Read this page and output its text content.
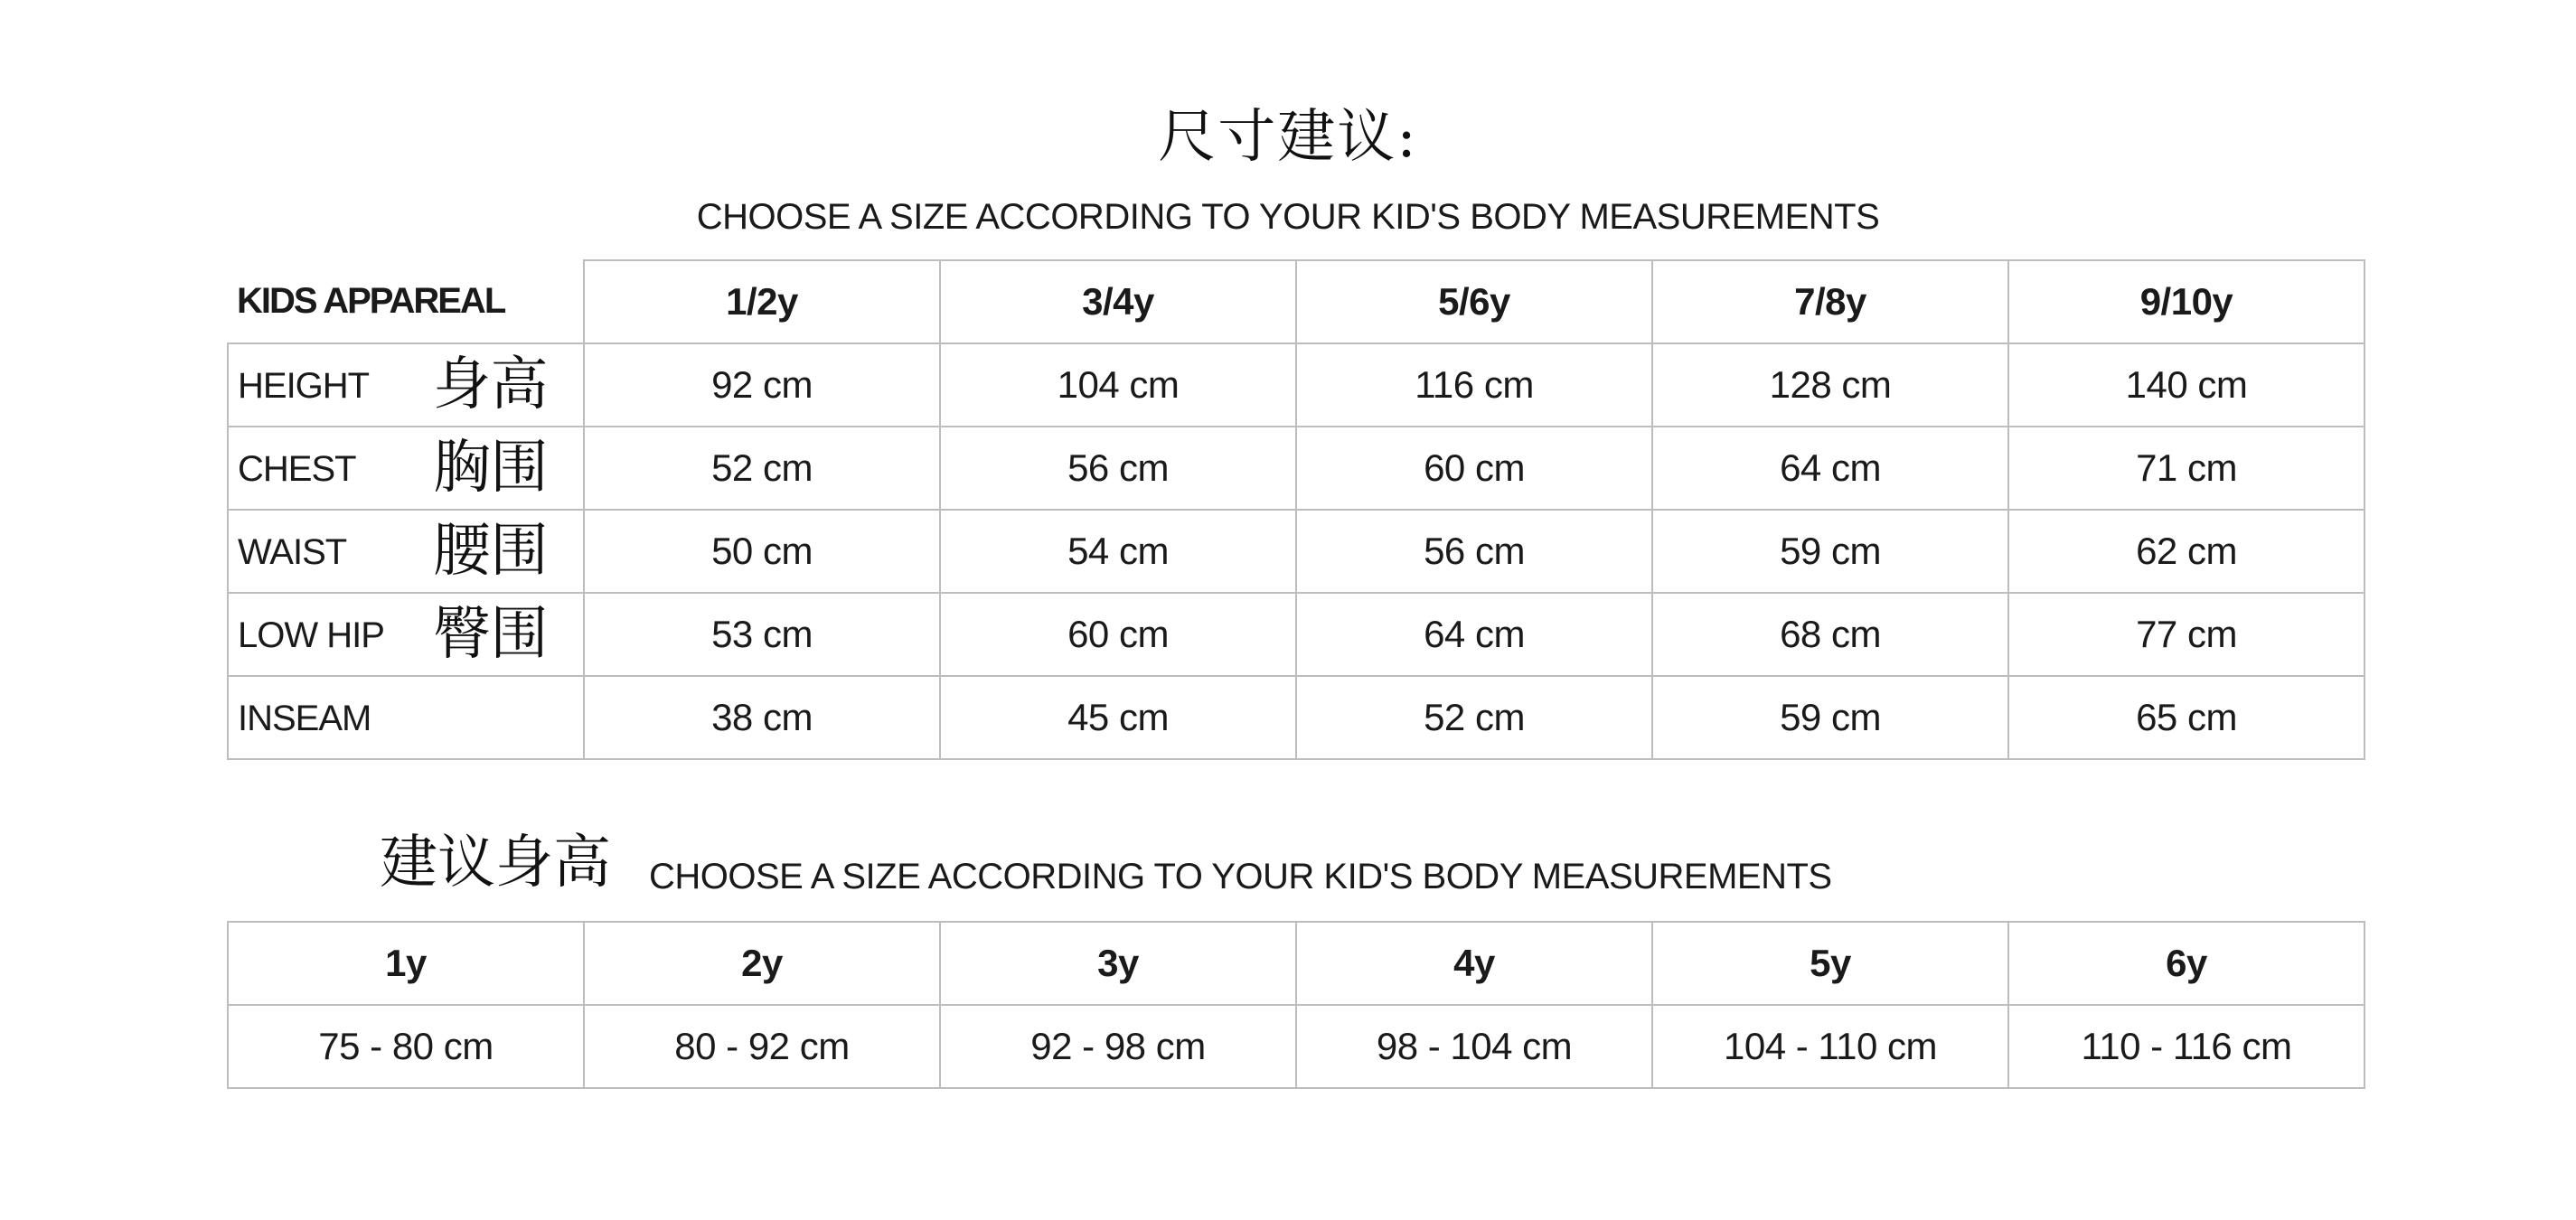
尺寸建议:
CHOOSE A SIZE ACCORDING TO YOUR KID'S BODY MEASUREMENTS
KIDS APPAREAL	1/2y	3/4y	5/6y	7/8y	9/10y
HEIGHT 身高	92 cm	104 cm	116 cm	128 cm	140 cm
CHEST 胸围	52 cm	56 cm	60 cm	64 cm	71 cm
WAIST 腰围	50 cm	54 cm	56 cm	59 cm	62 cm
LOW HIP 臀围	53 cm	60 cm	64 cm	68 cm	77 cm
INSEAM	38 cm	45 cm	52 cm	59 cm	65 cm
建议身高 CHOOSE A SIZE ACCORDING TO YOUR KID'S BODY MEASUREMENTS
1y	2y	3y	4y	5y	6y
75 - 80 cm	80 - 92 cm	92 - 98 cm	98 - 104 cm	104 - 110 cm	110 - 116 cm
